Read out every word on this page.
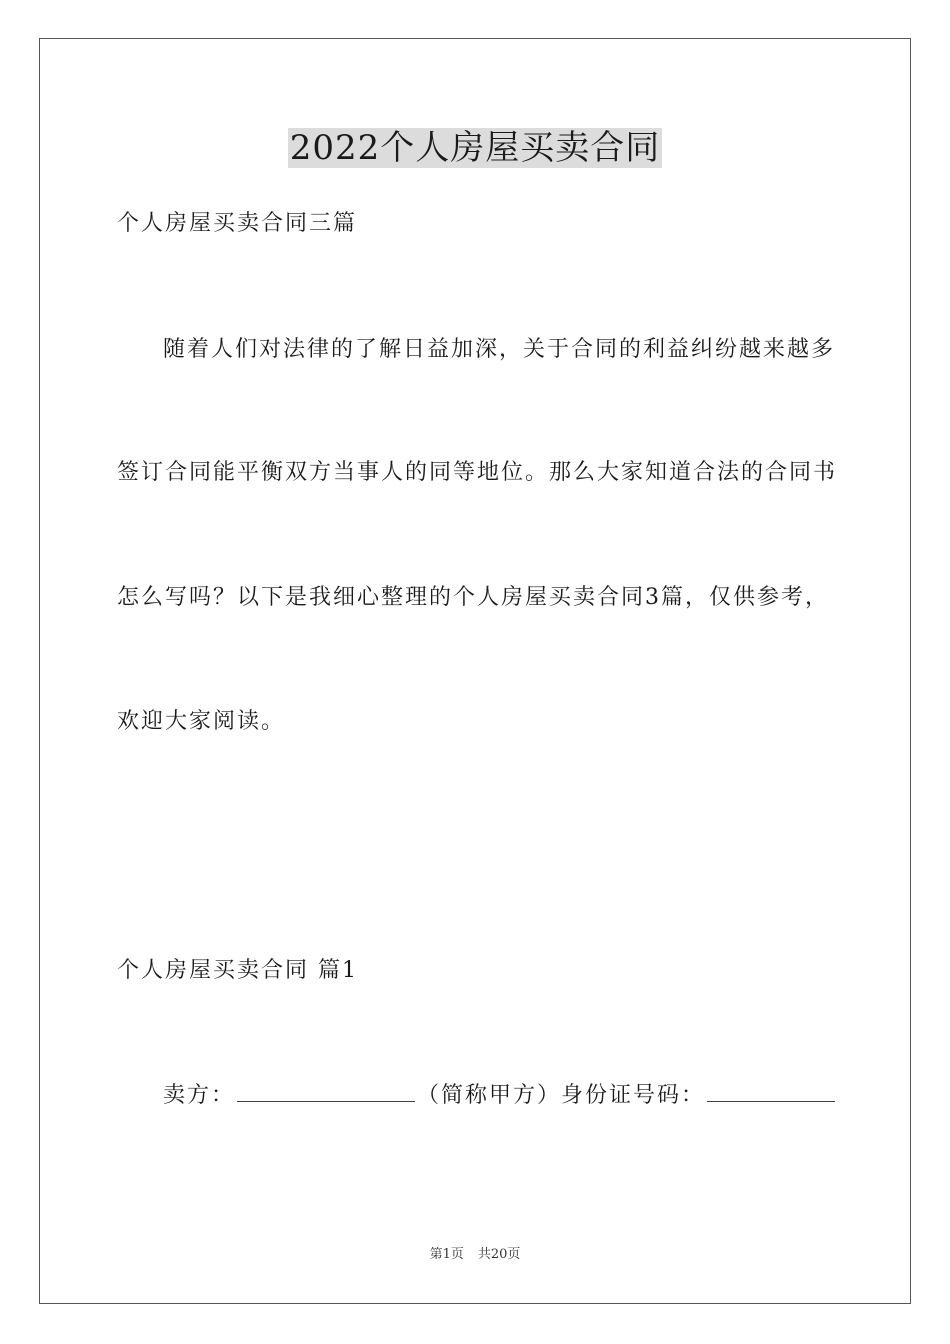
2022个人房屋买卖合同
个人房屋买卖合同三篇
随着人们对法律的了解日益加深，关于合同的利益纠纷越来越多
签订合同能平衡双方当事人的同等地位。那么大家知道合法的合同书
怎么写吗？以下是我细心整理的个人房屋买卖合同3篇，仅供参考，
欢迎大家阅读。
个人房屋买卖合同 篇1
卖方：	（简称甲方）身份证号码：
第1页 共20页
